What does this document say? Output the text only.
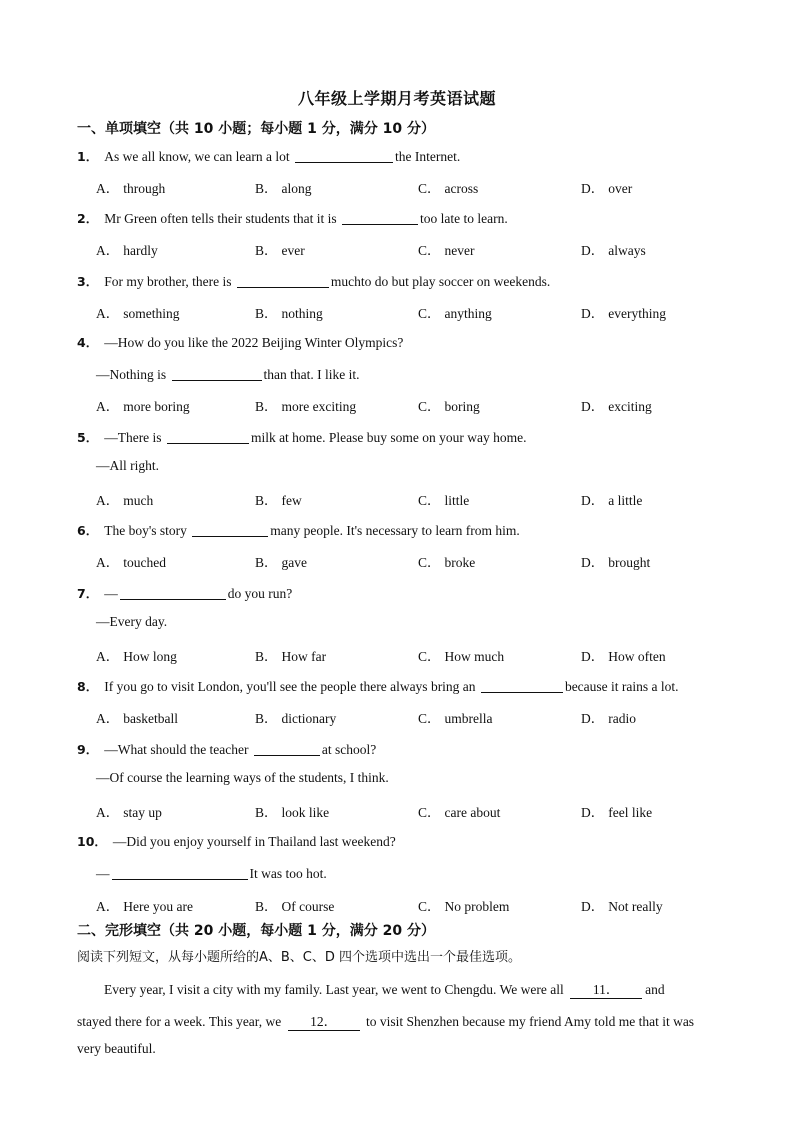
八年级上学期月考英语试题
一、单项填空（共 10 小题；每小题 1 分，满分 10 分）
1． As we all know, we can learn a lot	the Internet.
A． through	B． along	C． across	D． over
2． Mr Green often tells their students that it is	too late to learn.
A． hardly	B． ever	C． never	D． always
3． For my brother, there is	muchto do but play soccer on weekends.
A． something	B． nothing	C． anything	D． everything
4． —How do you like the 2022 Beijing Winter Olympics?
—Nothing is	than that. I like it.
A． more boring	B． more exciting	C． boring	D． exciting
5． —There is	milk at home. Please buy some on your way home.
—All right.
A． much	B． few	C． little	D． a little
6． The boy's story	many people. It's necessary to learn from him.
A． touched	B． gave	C． broke	D． brought
7． —	do you run?
—Every day.
A． How long	B． How far	C． How much	D． How often
8． If you go to visit London, you'll see the people there always bring an	because it rains a lot.
A． basketball	B． dictionary	C． umbrella	D． radio
9． —What should the teacher	at school?
—Of course the learning ways of the students, I think.
A． stay up	B． look like	C． care about	D． feel like
10． —Did you enjoy yourself in Thailand last weekend?
—	It was too hot.
A． Here you are	B． Of course	C． No problem	D． Not really
二、完形填空（共 20 小题，每小题 1 分，满分 20 分）
阅读下列短文，从每小题所给的A、B、C、D 四个选项中选出一个最佳选项。
Every year, I visit a city with my family. Last year, we went to Chengdu. We were all 11． and
stayed there for a week. This year, we 12． to visit Shenzhen because my friend Amy told me that it was
very beautiful.
